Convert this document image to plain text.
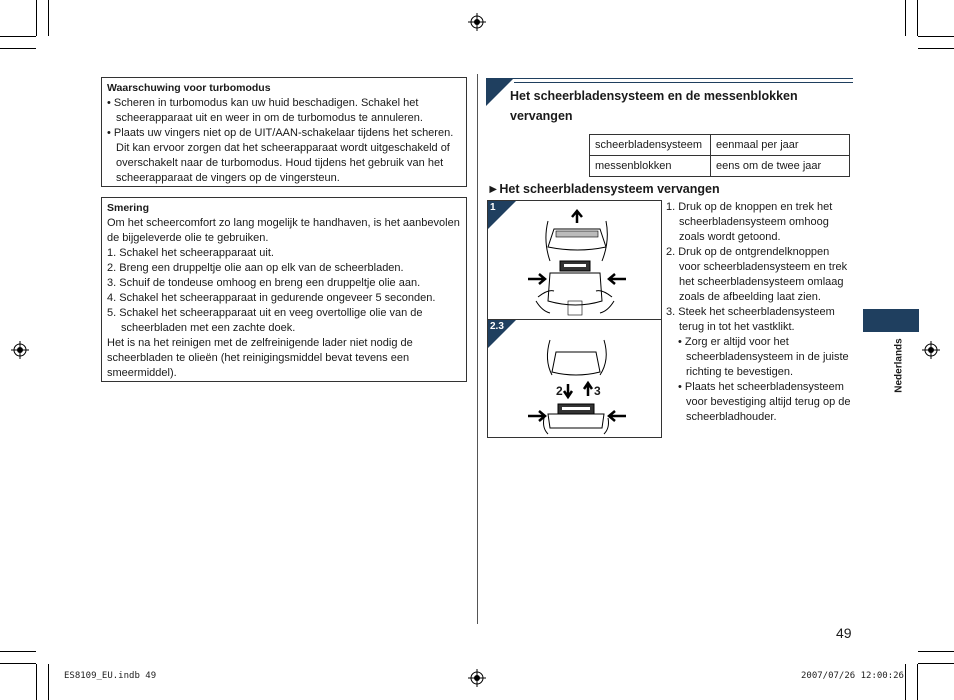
Waarschuwing voor turbomodus
• Scheren in turbomodus kan uw huid beschadigen. Schakel het scheerapparaat uit en weer in om de turbomodus te annuleren.
• Plaats uw vingers niet op de UIT/AAN-schakelaar tijdens het scheren. Dit kan ervoor zorgen dat het scheerapparaat wordt uitgeschakeld of overschakelt naar de turbomodus. Houd tijdens het gebruik van het scheerapparaat de vingers op de vingersteun.
Smering
Om het scheercomfort zo lang mogelijk te handhaven, is het aanbevolen de bijgeleverde olie te gebruiken.
1. Schakel het scheerapparaat uit.
2. Breng een druppeltje olie aan op elk van de scheerbladen.
3. Schuif de tondeuse omhoog en breng een druppeltje olie aan.
4. Schakel het scheerapparaat in gedurende ongeveer 5 seconden.
5. Schakel het scheerapparaat uit en veeg overtollige olie van de scheerbladen met een zachte doek.
Het is na het reinigen met de zelfreinigende lader niet nodig de scheerbladen te olieën (het reinigingsmiddel bevat tevens een smeermiddel).
Het scheerbladensysteem en de messenblokken vervangen
scheerbladensysteem	eenmaal per jaar
messenblokken	eens om de twee jaar
►Het scheerbladensysteem vervangen
1
2.3
2	3
1. Druk op de knoppen en trek het scheerbladensysteem omhoog zoals wordt getoond.
2. Druk op de ontgrendelknoppen voor scheerbladensysteem en trek het scheerbladensysteem omlaag zoals de afbeelding laat zien.
3. Steek het scheerbladensysteem terug in tot het vastklikt.
• Zorg er altijd voor het scheerbladensysteem in de juiste richting te bevestigen.
• Plaats het scheerbladensysteem voor bevestiging altijd terug op de scheerbladhouder.
Nederlands
49
ES8109_EU.indb 49	2007/07/26 12:00:26
